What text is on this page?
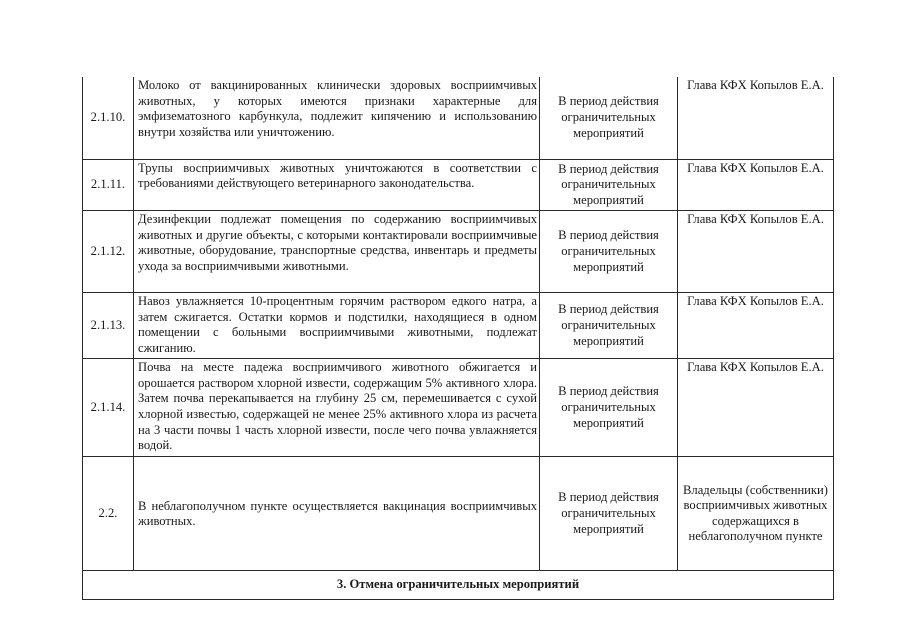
2.1.10.	Молоко от вакцинированных клинически здоровых восприимчивых животных, у которых имеются признаки характерные для эмфизематозного карбункула, подлежит кипячению и использованию внутри хозяйства или уничтожению.	В период действия ограничительных мероприятий	Глава КФХ Копылов Е.А.
2.1.11.	Трупы восприимчивых животных уничтожаются в соответствии с требованиями действующего ветеринарного законодательства.	В период действия ограничительных мероприятий	Глава КФХ Копылов Е.А.
2.1.12.	Дезинфекции подлежат помещения по содержанию восприимчивых животных и другие объекты, с которыми контактировали восприимчивые животные, оборудование, транспортные средства, инвентарь и предметы ухода за восприимчивыми животными.	В период действия ограничительных мероприятий	Глава КФХ Копылов Е.А.
2.1.13.	Навоз увлажняется 10-процентным горячим раствором едкого натра, а затем сжигается. Остатки кормов и подстилки, находящиеся в одном помещении с больными восприимчивыми животными, подлежат сжиганию.	В период действия ограничительных мероприятий	Глава КФХ Копылов Е.А.
2.1.14.	Почва на месте падежа восприимчивого животного обжигается и орошается раствором хлорной извести, содержащим 5% активного хлора. Затем почва перекапывается на глубину 25 см, перемешивается с сухой хлорной известью, содержащей не менее 25% активного хлора из расчета на 3 части почвы 1 часть хлорной извести, после чего почва увлажняется водой.	В период действия ограничительных мероприятий	Глава КФХ Копылов Е.А.
2.2.	В неблагополучном пункте осуществляется вакцинация восприимчивых животных.	В период действия ограничительных мероприятий	Владельцы (собственники) восприимчивых животных содержащихся в неблагополучном пункте
3. Отмена ограничительных мероприятий			
